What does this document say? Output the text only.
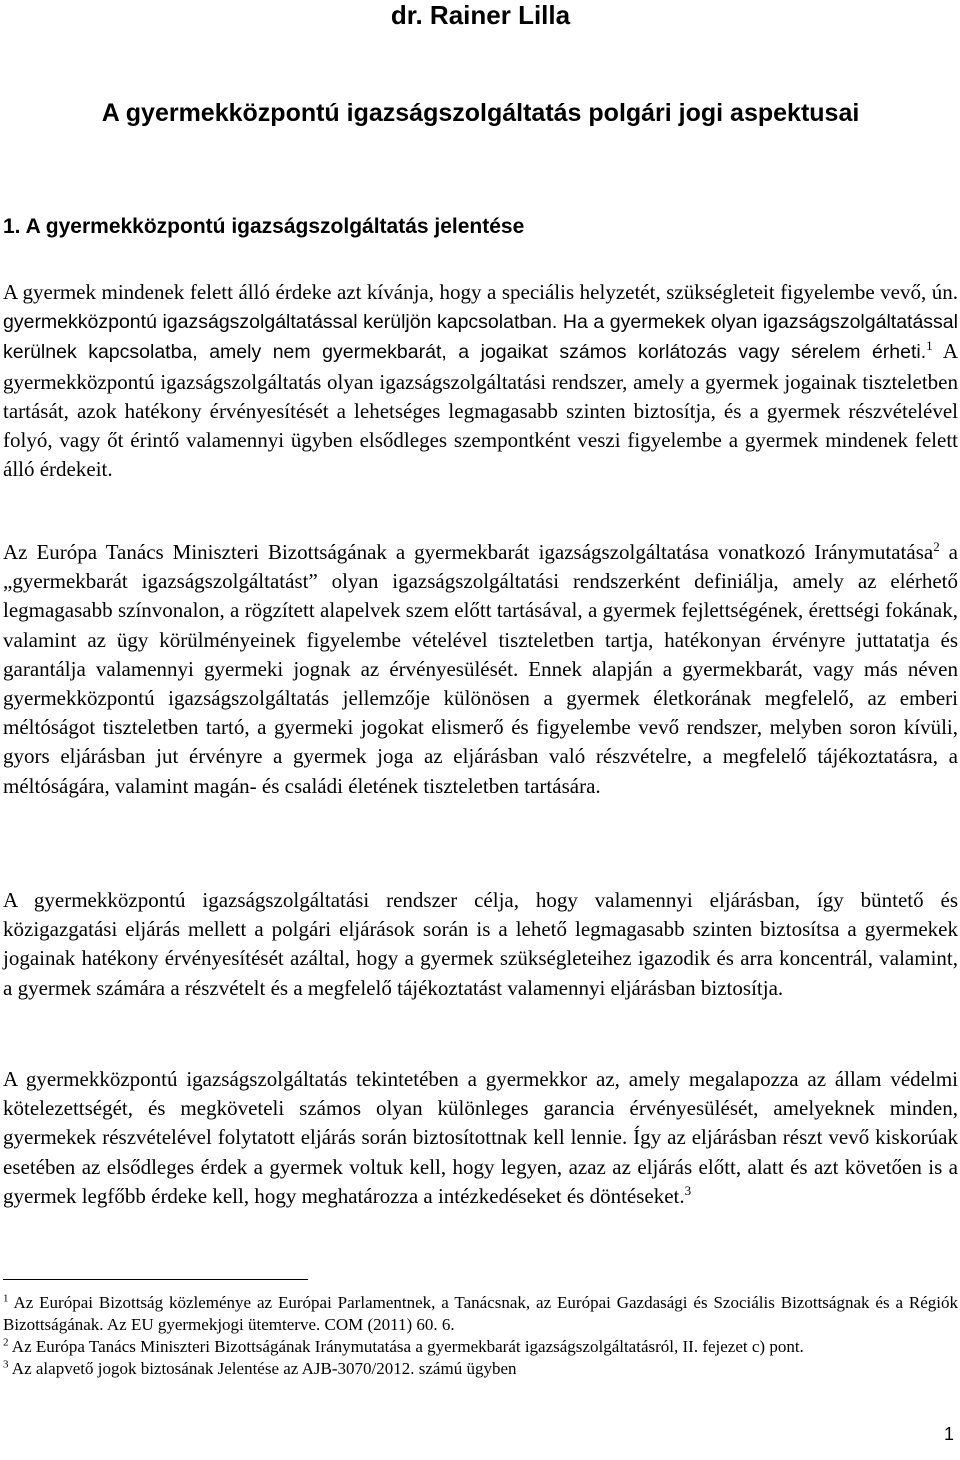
dr. Rainer Lilla
A gyermekközpontú igazságszolgáltatás polgári jogi aspektusai
1. A gyermekközpontú igazságszolgáltatás jelentése

A gyermek mindenek felett álló érdeke azt kívánja, hogy a speciális helyzetét, szükségleteit figyelembe vevő, ún. gyermekközpontú igazságszolgáltatással kerüljön kapcsolatban. Ha a gyermekek olyan igazságszolgáltatással kerülnek kapcsolatba, amely nem gyermekbarát, a jogaikat számos korlátozás vagy sérelem érheti.$^1$ A gyermekközpontú igazságszolgáltatás olyan igazságszolgáltatási rendszer, amely a gyermek jogainak tiszteletben tartását, azok hatékony érvényesítését a lehetséges legmagasabb szinten biztosítja, és a gyermek részvételével folyó, vagy őt érintő valamennyi ügyben elsődleges szempontként veszi figyelembe a gyermek mindenek felett álló érdekeit.

Az Európa Tanács Miniszteri Bizottságának a gyermekbarát igazságszolgáltatása vonatkozó Iránymutatása$^2$ a „gyermekbarát igazságszolgáltatást” olyan igazságszolgáltatási rendszerként definiálja, amely az elérhető legmagasabb színvonalon, a rögzített alapelvek szem előtt tartásával, a gyermek fejlettségének, érettségi fokának, valamint az ügy körülményeinek figyelembe vételével tiszteletben tartja, hatékonyan érvényre juttatatja és garantálja valamennyi gyermeki jognak az érvényesülését. Ennek alapján a gyermekbarát, vagy más néven gyermekközpontú igazságszolgáltatás jellemzője különösen a gyermek életkorának megfelelő, az emberi méltóságot tiszteletben tartó, a gyermeki jogokat elismerő és figyelembe vevő rendszer, melyben soron kívüli, gyors eljárásban jut érvényre a gyermek joga az eljárásban való részvételre, a megfelelő tájékoztatásra, a méltóságára, valamint magán- és családi életének tiszteletben tartására.

A gyermekközpontú igazságszolgáltatási rendszer célja, hogy valamennyi eljárásban, így büntető és közigazgatási eljárás mellett a polgári eljárások során is a lehető legmagasabb szinten biztosítsa a gyermekek jogainak hatékony érvényesítését azáltal, hogy a gyermek szükségleteihez igazodik és arra koncentrál, valamint, a gyermek számára a részvételt és a megfelelő tájékoztatást valamennyi eljárásban biztosítja.

A gyermekközpontú igazságszolgáltatás tekintetében a gyermekkor az, amely megalapozza az állam védelmi kötelezettségét, és megköveteli számos olyan különleges garancia érvényesülését, amelyeknek minden, gyermekek részvételével folytatott eljárás során biztosítottnak kell lennie. Így az eljárásban részt vevő kiskorúak esetében az elsődleges érdek a gyermek voltuk kell, hogy legyen, azaz az eljárás előtt, alatt és azt követően is a gyermek legfőbb érdeke kell, hogy meghatározza a intézkedéseket és döntéseket.$^3$

$^1$ Az Európai Bizottság közleménye az Európai Parlamentnek, a Tanácsnak, az Európai Gazdasági és Szociális Bizottságnak és a Régiók Bizottságának. Az EU gyermekjogi ütemterve. COM (2011) 60. 6.
$^2$ Az Európa Tanács Miniszteri Bizottságának Iránymutatása a gyermekbarát igazságszolgáltatásról, II. fejezet c) pont.
$^3$ Az alapvető jogok biztosának Jelentése az AJB-3070/2012. számú ügyben
1
